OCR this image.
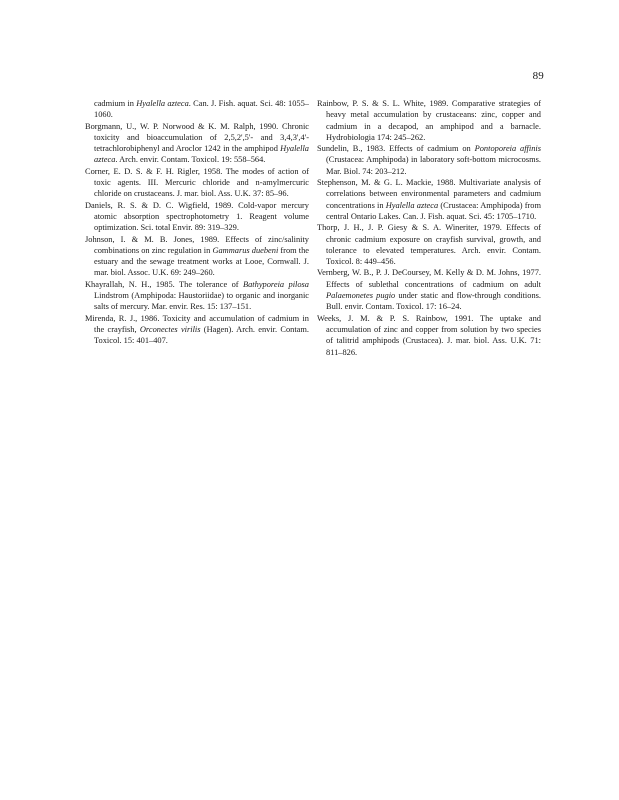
89

cadmium in Hyalella azteca. Can. J. Fish. aquat. Sci. 48: 1055–1060.

Borgmann, U., W. P. Norwood & K. M. Ralph, 1990. Chronic toxicity and bioaccumulation of 2,5,2',5'- and 3,4,3',4'-tetrachlorobiphenyl and Aroclor 1242 in the amphipod Hyalella azteca. Arch. envir. Contam. Toxicol. 19: 558–564.

Corner, E. D. S. & F. H. Rigler, 1958. The modes of action of toxic agents. III. Mercuric chloride and n-amylmercuric chloride on crustaceans. J. mar. biol. Ass. U.K. 37: 85–96.

Daniels, R. S. & D. C. Wigfield, 1989. Cold-vapor mercury atomic absorption spectrophotometry 1. Reagent volume optimization. Sci. total Envir. 89: 319–329.

Johnson, I. & M. B. Jones, 1989. Effects of zinc/salinity combinations on zinc regulation in Gammarus duebeni from the estuary and the sewage treatment works at Looe, Cornwall. J. mar. biol. Assoc. U.K. 69: 249–260.

Khayrallah, N. H., 1985. The tolerance of Bathyporeia pilosa Lindstrom (Amphipoda: Haustoriidae) to organic and inorganic salts of mercury. Mar. envir. Res. 15: 137–151.

Mirenda, R. J., 1986. Toxicity and accumulation of cadmium in the crayfish, Orconectes virilis (Hagen). Arch. envir. Contam. Toxicol. 15: 401–407.

Rainbow, P. S. & S. L. White, 1989. Comparative strategies of heavy metal accumulation by crustaceans: zinc, copper and cadmium in a decapod, an amphipod and a barnacle. Hydrobiologia 174: 245–262.

Sundelin, B., 1983. Effects of cadmium on Pontoporeia affinis (Crustacea: Amphipoda) in laboratory soft-bottom microcosms. Mar. Biol. 74: 203–212.

Stephenson, M. & G. L. Mackie, 1988. Multivariate analysis of correlations between environmental parameters and cadmium concentrations in Hyalella azteca (Crustacea: Amphipoda) from central Ontario Lakes. Can. J. Fish. aquat. Sci. 45: 1705–1710.

Thorp, J. H., J. P. Giesy & S. A. Wineriter, 1979. Effects of chronic cadmium exposure on crayfish survival, growth, and tolerance to elevated temperatures. Arch. envir. Contam. Toxicol. 8: 449–456.

Vernberg, W. B., P. J. DeCoursey, M. Kelly & D. M. Johns, 1977. Effects of sublethal concentrations of cadmium on adult Palaemonetes pugio under static and flow-through conditions. Bull. envir. Contam. Toxicol. 17: 16–24.

Weeks, J. M. & P. S. Rainbow, 1991. The uptake and accumulation of zinc and copper from solution by two species of talitrid amphipods (Crustacea). J. mar. biol. Ass. U.K. 71: 811–826.
